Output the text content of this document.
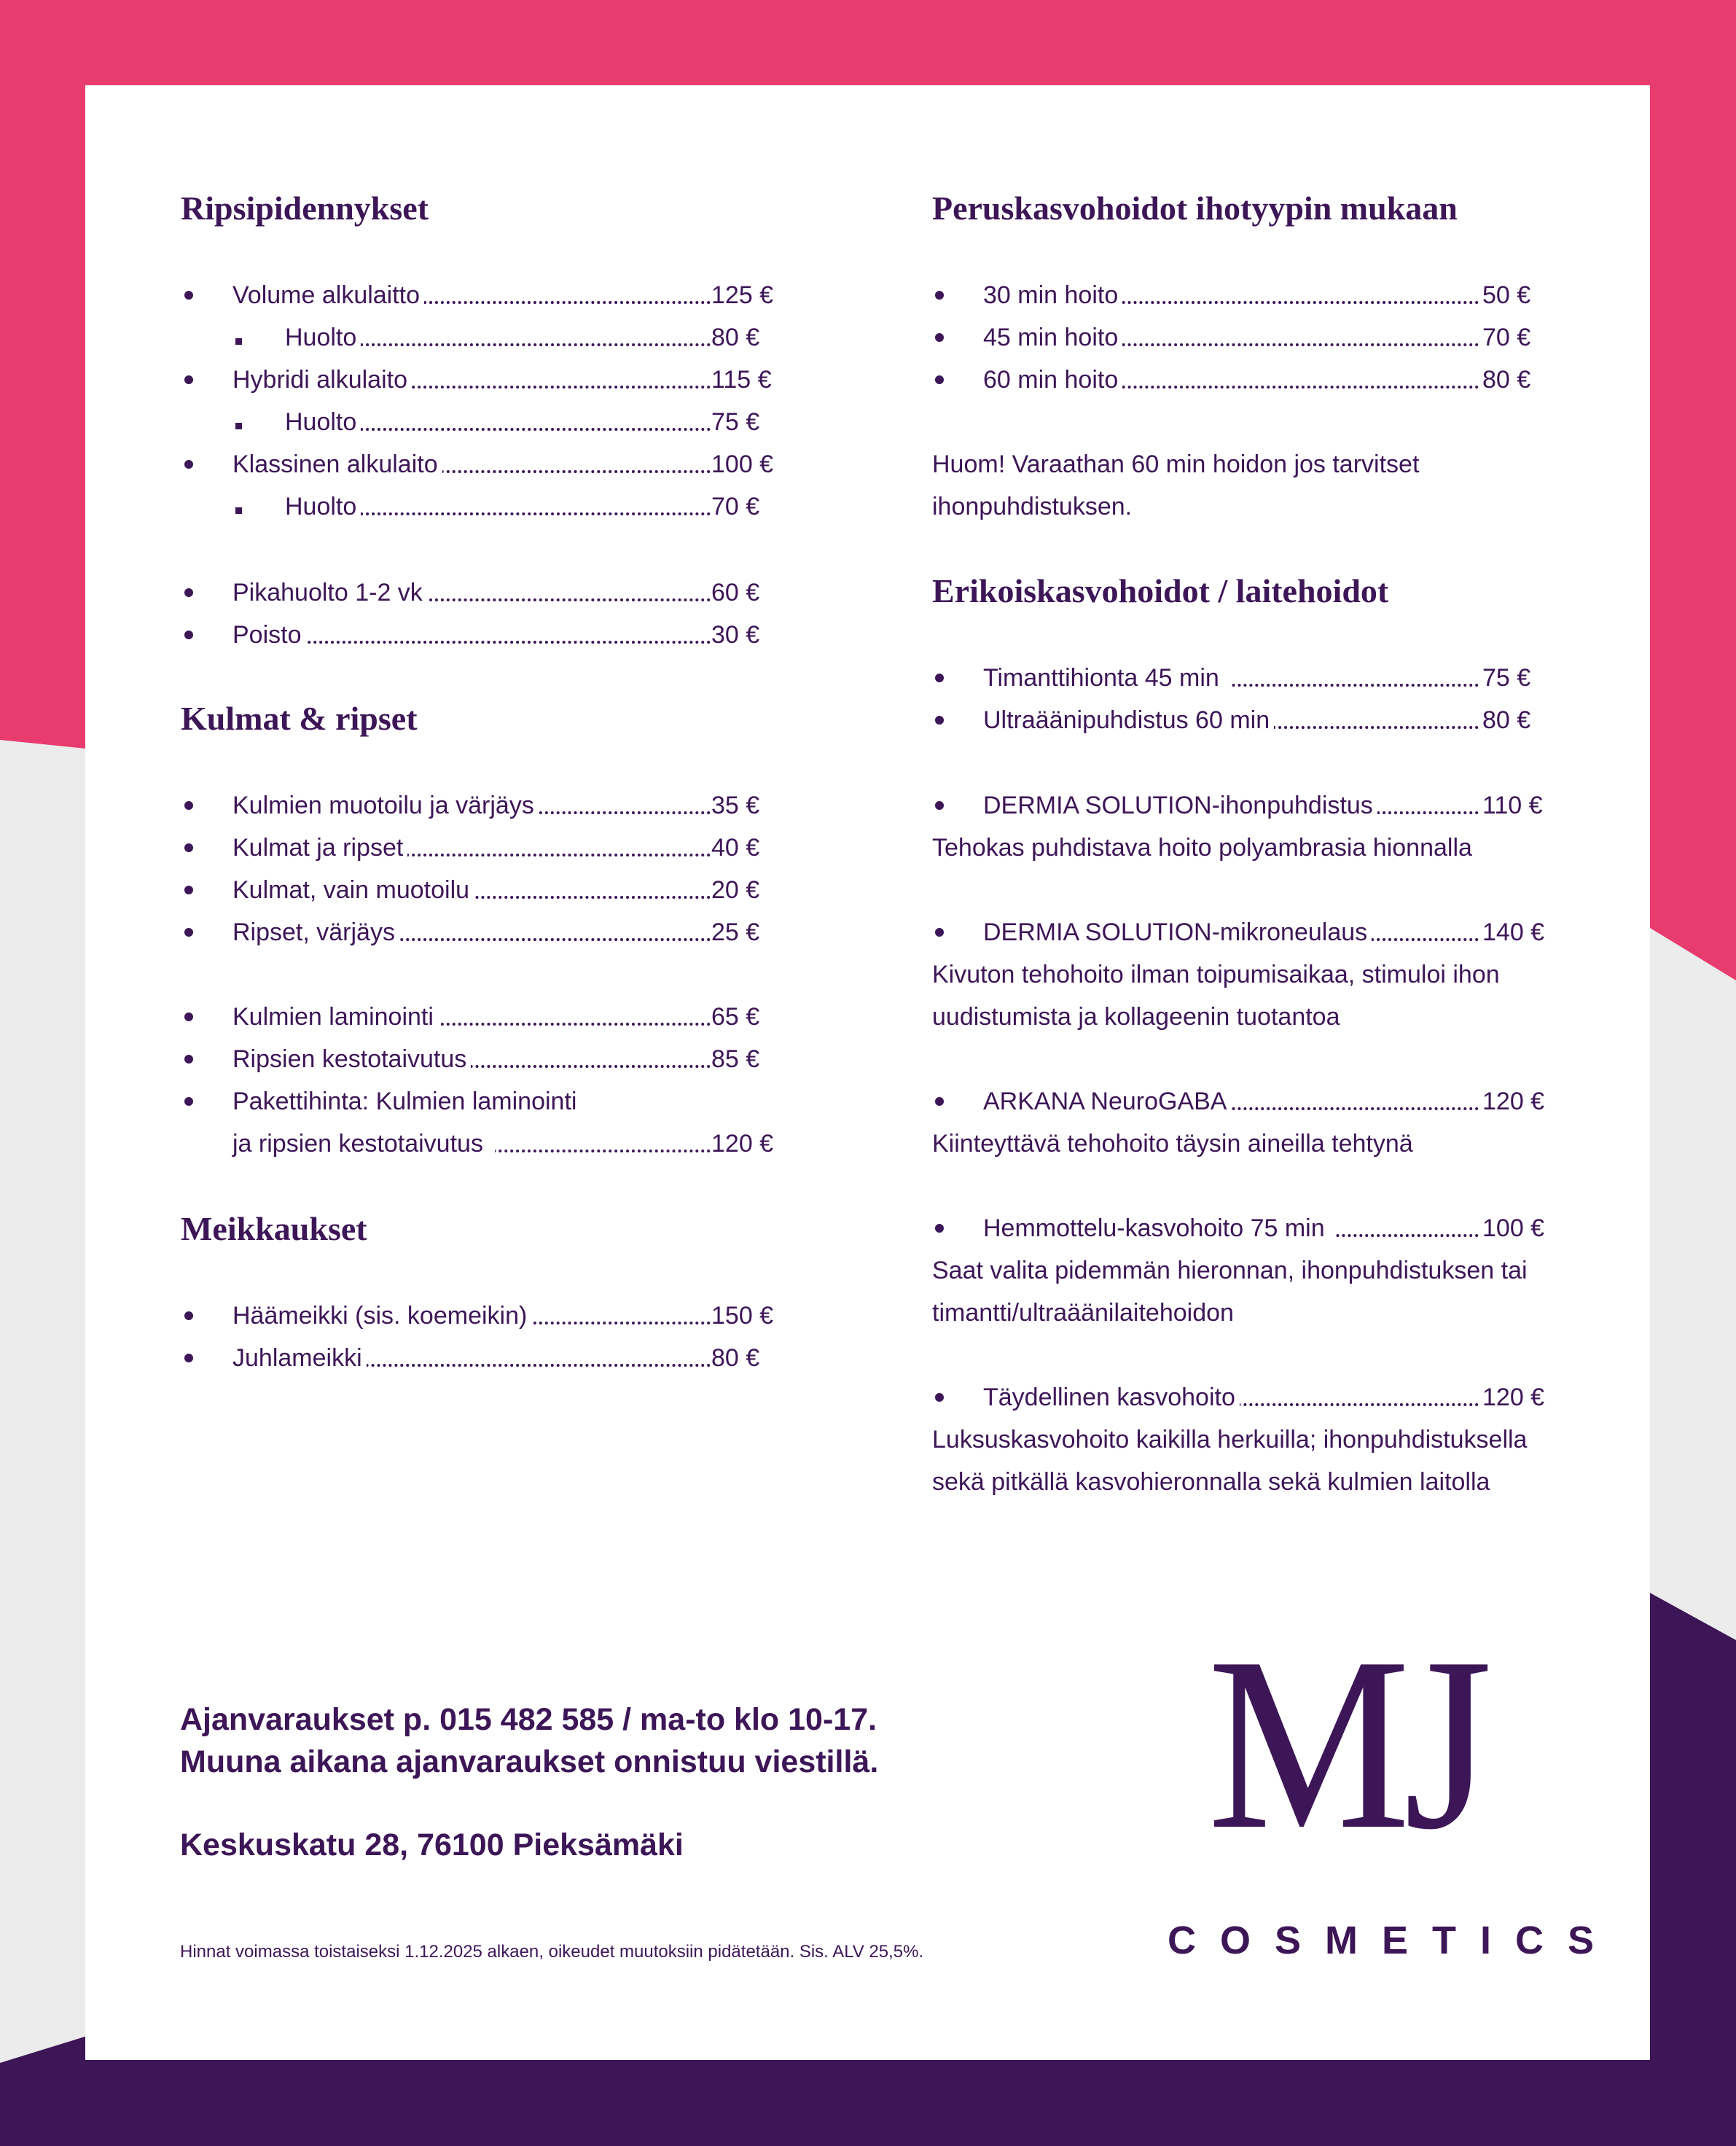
Ripsipidennykset
Volume alkulaitto	125 €
Huolto	80 €
Hybridi alkulaito	115 €
Huolto	75 €
Klassinen alkulaito	100 €
Huolto	70 €
Pikahuolto 1-2 vk	60 €
Poisto	30 €
Kulmat & ripset
Kulmien muotoilu ja värjäys	35 €
Kulmat ja ripset	40 €
Kulmat, vain muotoilu	20 €
Ripset, värjäys	25 €
Kulmien laminointi	65 €
Ripsien kestotaivutus	85 €
Pakettihinta: Kulmien laminointi
ja ripsien kestotaivutus	120 €
Meikkaukset
Häämeikki (sis. koemeikin)	150 €
Juhlameikki	80 €
Peruskasvohoidot ihotyypin mukaan
30 min hoito	50 €
45 min hoito	70 €
60 min hoito	80 €
Huom! Varaathan 60 min hoidon jos tarvitset
ihonpuhdistuksen.
Erikoiskasvohoidot / laitehoidot
Timanttihionta 45 min	75 €
Ultraäänipuhdistus 60 min	80 €
DERMIA SOLUTION-ihonpuhdistus	110 €
Tehokas puhdistava hoito polyambrasia hionnalla
DERMIA SOLUTION-mikroneulaus	140 €
Kivuton tehohoito ilman toipumisaikaa, stimuloi ihon
uudistumista ja kollageenin tuotantoa
ARKANA NeuroGABA	120 €
Kiinteyttävä tehohoito täysin aineilla tehtynä
Hemmottelu-kasvohoito 75 min	100 €
Saat valita pidemmän hieronnan, ihonpuhdistuksen tai
timantti/ultraäänilaitehoidon
Täydellinen kasvohoito	120 €
Luksuskasvohoito kaikilla herkuilla; ihonpuhdistuksella
sekä pitkällä kasvohieronnalla sekä kulmien laitolla
Ajanvaraukset p. 015 482 585 / ma-to klo 10-17.
Muuna aikana ajanvaraukset onnistuu viestillä.
Keskuskatu 28, 76100 Pieksämäki
Hinnat voimassa toistaiseksi 1.12.2025 alkaen, oikeudet muutoksiin pidätetään. Sis. ALV 25,5%.
MJ
COSMETICS
